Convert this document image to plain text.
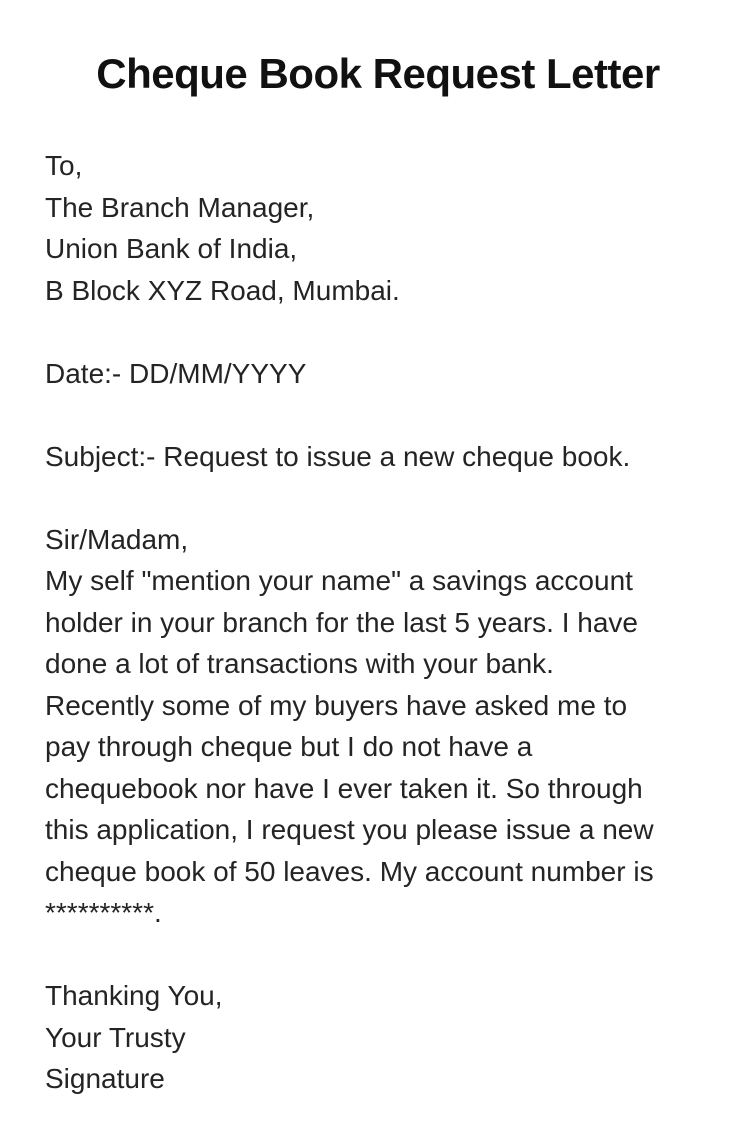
Cheque Book Request Letter
To,
The Branch Manager,
Union Bank of India,
B Block XYZ Road, Mumbai.
Date:- DD/MM/YYYY
Subject:- Request to issue a new cheque book.
Sir/Madam,
My self "mention your name" a savings account
holder in your branch for the last 5 years. I have
done a lot of transactions with your bank.
Recently some of my buyers have asked me to
pay through cheque but I do not have a
chequebook nor have I ever taken it. So through
this application, I request you please issue a new
cheque book of 50 leaves. My account number is
**********.
Thanking You,
Your Trusty
Signature
